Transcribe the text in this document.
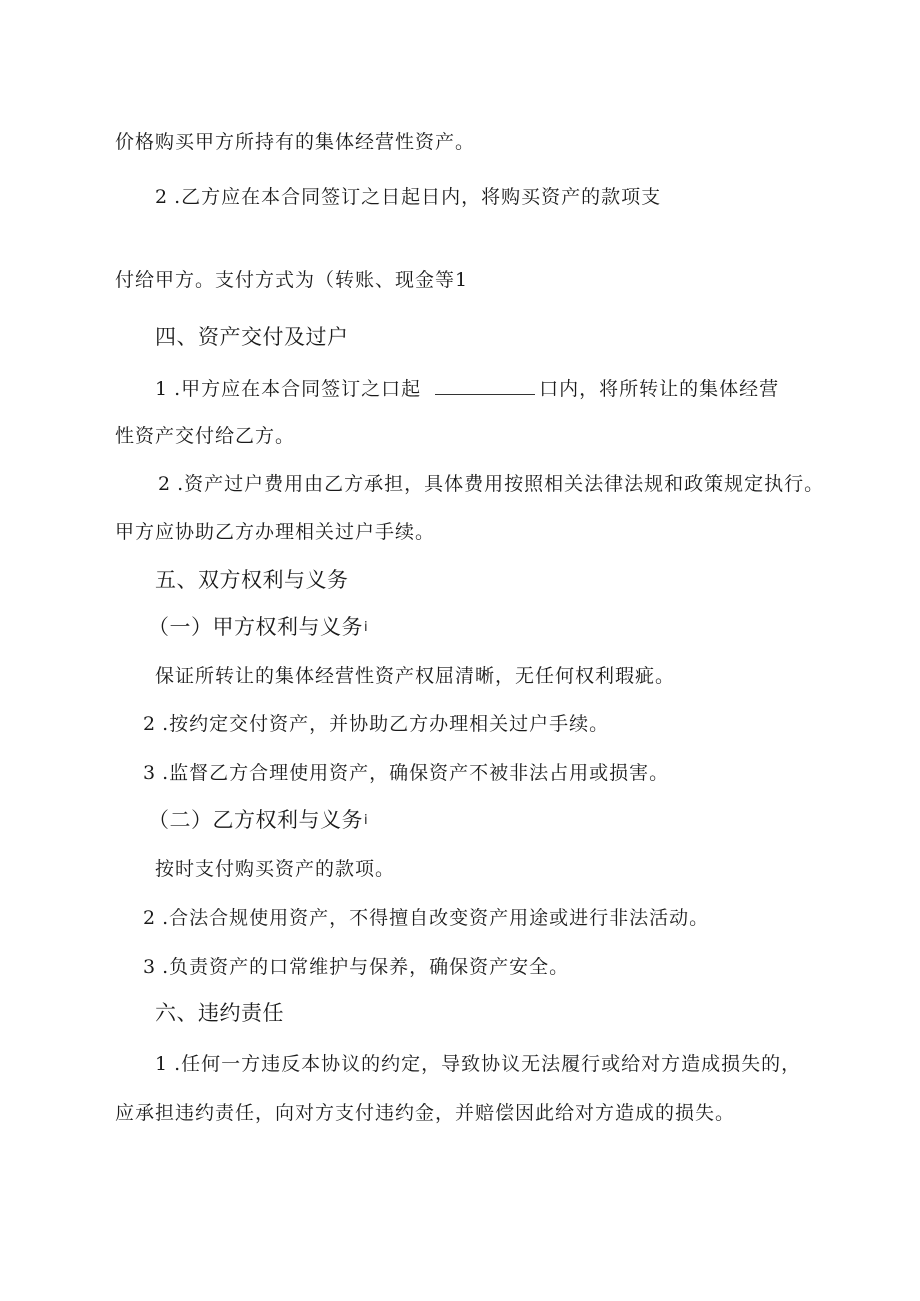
价格购买甲方所持有的集体经营性资产。
2 .乙方应在本合同签订之日起日内，将购买资产的款项支
付给甲方。支付方式为（转账、现金等1
四、资产交付及过户
1 .甲方应在本合同签订之口起	口内，将所转让的集体经营
性资产交付给乙方。
2 .资产过户费用由乙方承担，具体费用按照相关法律法规和政策规定执行。
甲方应协助乙方办理相关过户手续。
五、双方权利与义务
（一）甲方权利与义务i
保证所转让的集体经营性资产权屈清晰，无任何权利瑕疵。
2 .按约定交付资产，并协助乙方办理相关过户手续。
3 .监督乙方合理使用资产，确保资产不被非法占用或损害。
（二）乙方权利与义务i
按时支付购买资产的款项。
2 .合法合规使用资产，不得擅自改变资产用途或进行非法活动。
3 .负责资产的口常维护与保养，确保资产安全。
六、违约责任
1 .任何一方违反本协议的约定，导致协议无法履行或给对方造成损失的，
应承担违约责任，向对方支付违约金，并赔偿因此给对方造成的损失。
